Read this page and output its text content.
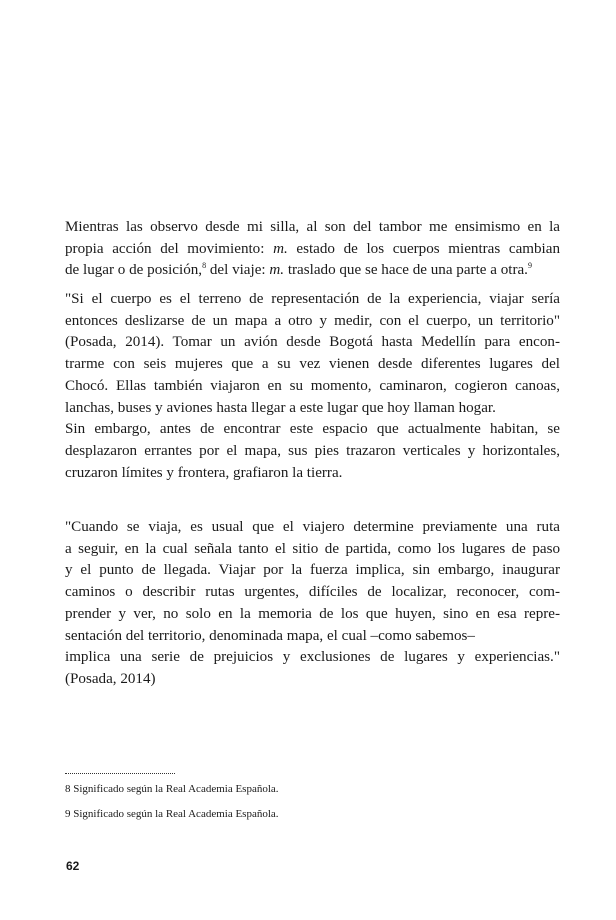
Mientras las observo desde mi silla, al son del tambor me ensimismo en la
propia acción del movimiento: m. estado de los cuerpos mientras cambian
de lugar o de posición,$^8$ del viaje: m. traslado que se hace de una parte a otra.$^9$
"Si el cuerpo es el terreno de representación de la experiencia, viajar sería
entonces deslizarse de un mapa a otro y medir, con el cuerpo, un territorio"
(Posada, 2014). Tomar un avión desde Bogotá hasta Medellín para encon-
trarme con seis mujeres que a su vez vienen desde diferentes lugares del
Chocó. Ellas también viajaron en su momento, caminaron, cogieron canoas,
lanchas, buses y aviones hasta llegar a este lugar que hoy llaman hogar.
Sin embargo, antes de encontrar este espacio que actualmente habitan, se
desplazaron errantes por el mapa, sus pies trazaron verticales y horizontales,
cruzaron límites y frontera, grafiaron la tierra.
"Cuando se viaja, es usual que el viajero determine previamente una ruta
a seguir, en la cual señala tanto el sitio de partida, como los lugares de paso
y el punto de llegada. Viajar por la fuerza implica, sin embargo, inaugurar
caminos o describir rutas urgentes, difíciles de localizar, reconocer, com-
prender y ver, no solo en la memoria de los que huyen, sino en esa repre-
sentación del territorio, denominada mapa, el cual –como sabemos–
implica una serie de prejuicios y exclusiones de lugares y experiencias."
(Posada, 2014)

8 Significado según la Real Academia Española.

9 Significado según la Real Academia Española.

62
